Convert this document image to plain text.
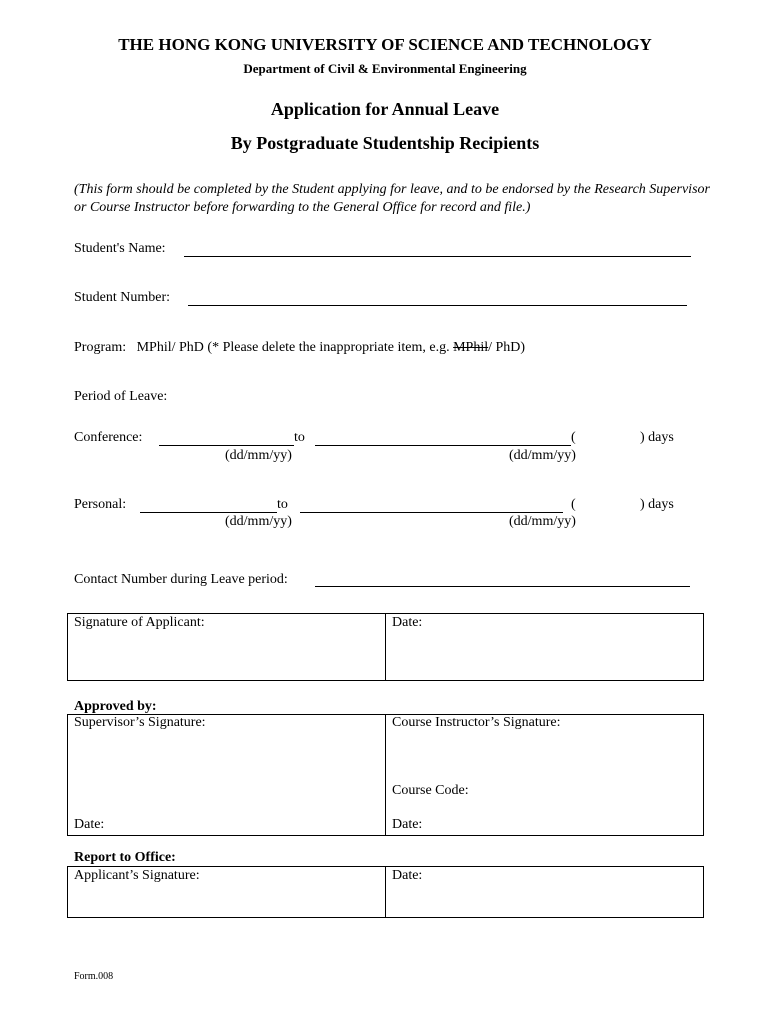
THE HONG KONG UNIVERSITY OF SCIENCE AND TECHNOLOGY
Department of Civil & Environmental Engineering
Application for Annual Leave
By Postgraduate Studentship Recipients
(This form should be completed by the Student applying for leave, and to be endorsed by the Research Supervisor or Course Instructor before forwarding to the General Office for record and file.)
Student's Name:
Student Number:
Program: MPhil/ PhD (* Please delete the inappropriate item, e.g. MPhil/ PhD)
Period of Leave:
Conference:	to	(	) days
(dd/mm/yy)	(dd/mm/yy)
Personal:	to	(	) days
(dd/mm/yy)	(dd/mm/yy)
Contact Number during Leave period:
Signature of Applicant:	Date:
Approved by:
Supervisor’s Signature:	Course Instructor’s Signature:
Course Code:
Date:	Date:
Report to Office:
Applicant’s Signature:	Date:
Form.008
